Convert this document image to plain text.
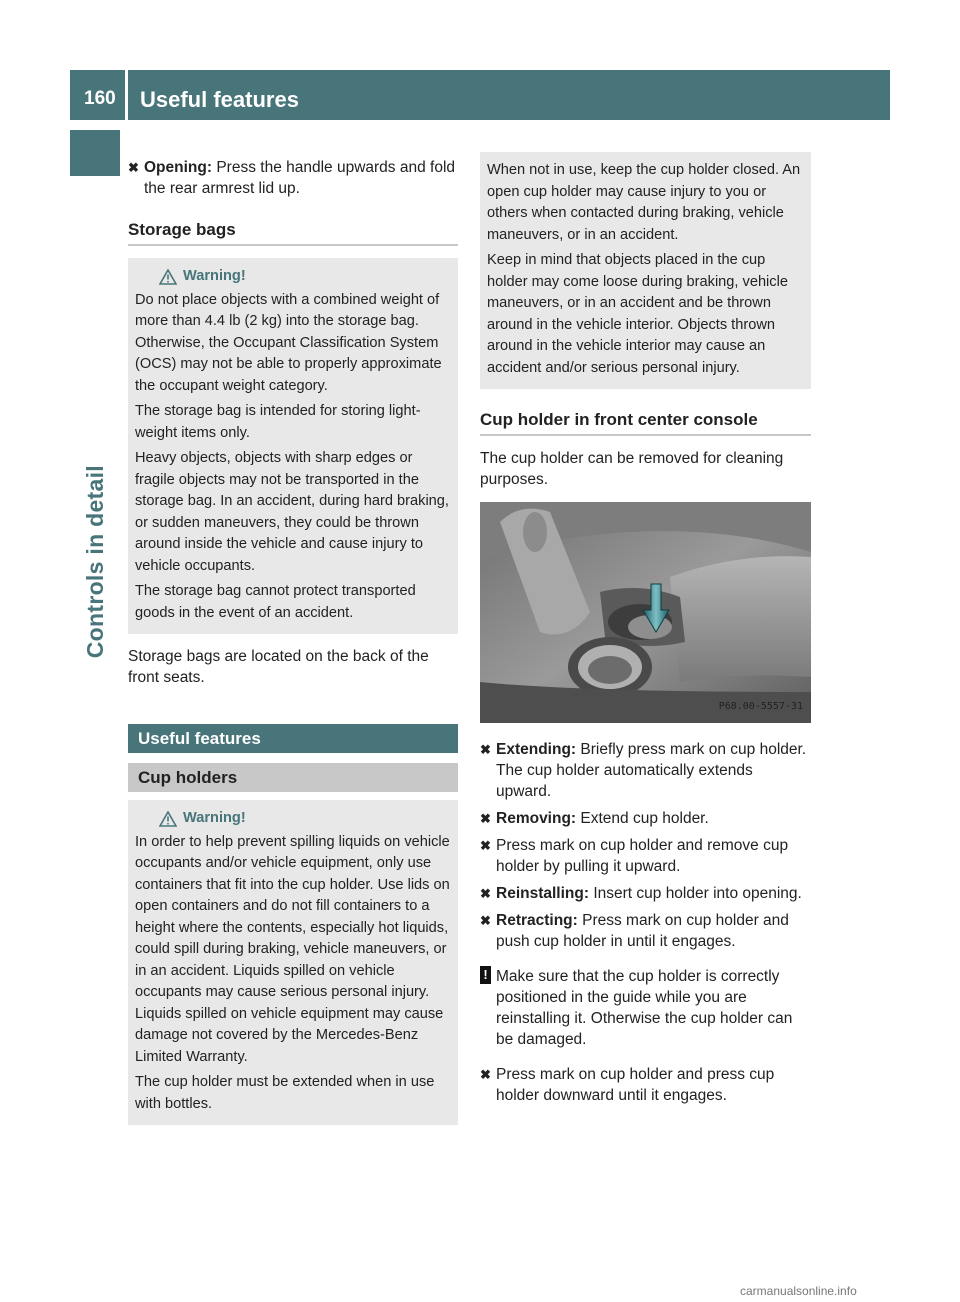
160 Useful features
Controls in detail
✖ Opening: Press the handle upwards and fold the rear armrest lid up.
Storage bags
Warning!

Do not place objects with a combined weight of more than 4.4 lb (2 kg) into the storage bag. Otherwise, the Occupant Classification System (OCS) may not be able to properly approximate the occupant weight category.

The storage bag is intended for storing light-weight items only.

Heavy objects, objects with sharp edges or fragile objects may not be transported in the storage bag. In an accident, during hard braking, or sudden maneuvers, they could be thrown around inside the vehicle and cause injury to vehicle occupants.

The storage bag cannot protect transported goods in the event of an accident.

Storage bags are located on the back of the front seats.
Useful features
Cup holders
Warning!

In order to help prevent spilling liquids on vehicle occupants and/or vehicle equipment, only use containers that fit into the cup holder. Use lids on open containers and do not fill containers to a height where the contents, especially hot liquids, could spill during braking, vehicle maneuvers, or in an accident. Liquids spilled on vehicle occupants may cause serious personal injury. Liquids spilled on vehicle equipment may cause damage not covered by the Mercedes-Benz Limited Warranty.

The cup holder must be extended when in use with bottles.

When not in use, keep the cup holder closed. An open cup holder may cause injury to you or others when contacted during braking, vehicle maneuvers, or in an accident.

Keep in mind that objects placed in the cup holder may come loose during braking, vehicle maneuvers, or in an accident and be thrown around in the vehicle interior. Objects thrown around in the vehicle interior may cause an accident and/or serious personal injury.

Cup holder in front center console
The cup holder can be removed for cleaning purposes.
P68.00-5557-31
✖ Extending: Briefly press mark on cup holder.
The cup holder automatically extends upward.
✖ Removing: Extend cup holder.
✖ Press mark on cup holder and remove cup holder by pulling it upward.
✖ Reinstalling: Insert cup holder into opening.
✖ Retracting: Press mark on cup holder and push cup holder in until it engages.
! Make sure that the cup holder is correctly positioned in the guide while you are reinstalling it. Otherwise the cup holder can be damaged.
✖ Press mark on cup holder and press cup holder downward until it engages.
carmanualsonline.info
